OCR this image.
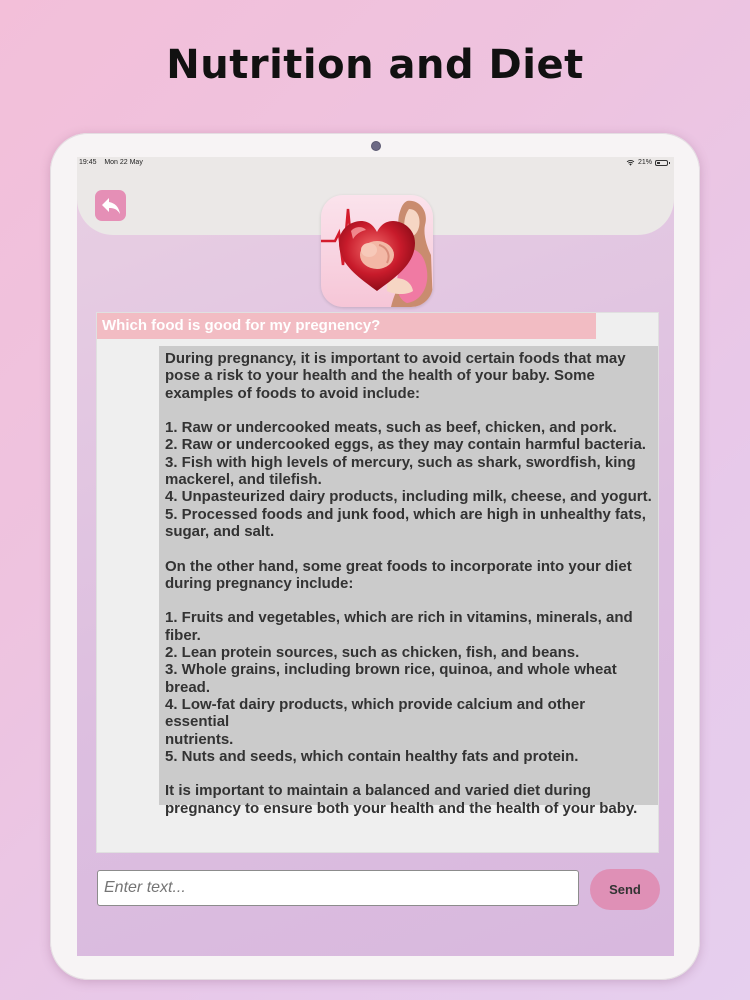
Nutrition and Diet
19:45 Mon 22 May	21%
Which food is good for my pregnency?

During pregnancy, it is important to avoid certain foods that may
pose a risk to your health and the health of your baby. Some
examples of foods to avoid include:

1. Raw or undercooked meats, such as beef, chicken, and pork.
2. Raw or undercooked eggs, as they may contain harmful bacteria.
3. Fish with high levels of mercury, such as shark, swordfish, king
mackerel, and tilefish.
4. Unpasteurized dairy products, including milk, cheese, and yogurt.
5. Processed foods and junk food, which are high in unhealthy fats,
sugar, and salt.

On the other hand, some great foods to incorporate into your diet
during pregnancy include:

1. Fruits and vegetables, which are rich in vitamins, minerals, and
fiber.
2. Lean protein sources, such as chicken, fish, and beans.
3. Whole grains, including brown rice, quinoa, and whole wheat
bread.
4. Low-fat dairy products, which provide calcium and other essential
nutrients.
5. Nuts and seeds, which contain healthy fats and protein.

It is important to maintain a balanced and varied diet during
pregnancy to ensure both your health and the health of your baby.

Enter text...
Send
